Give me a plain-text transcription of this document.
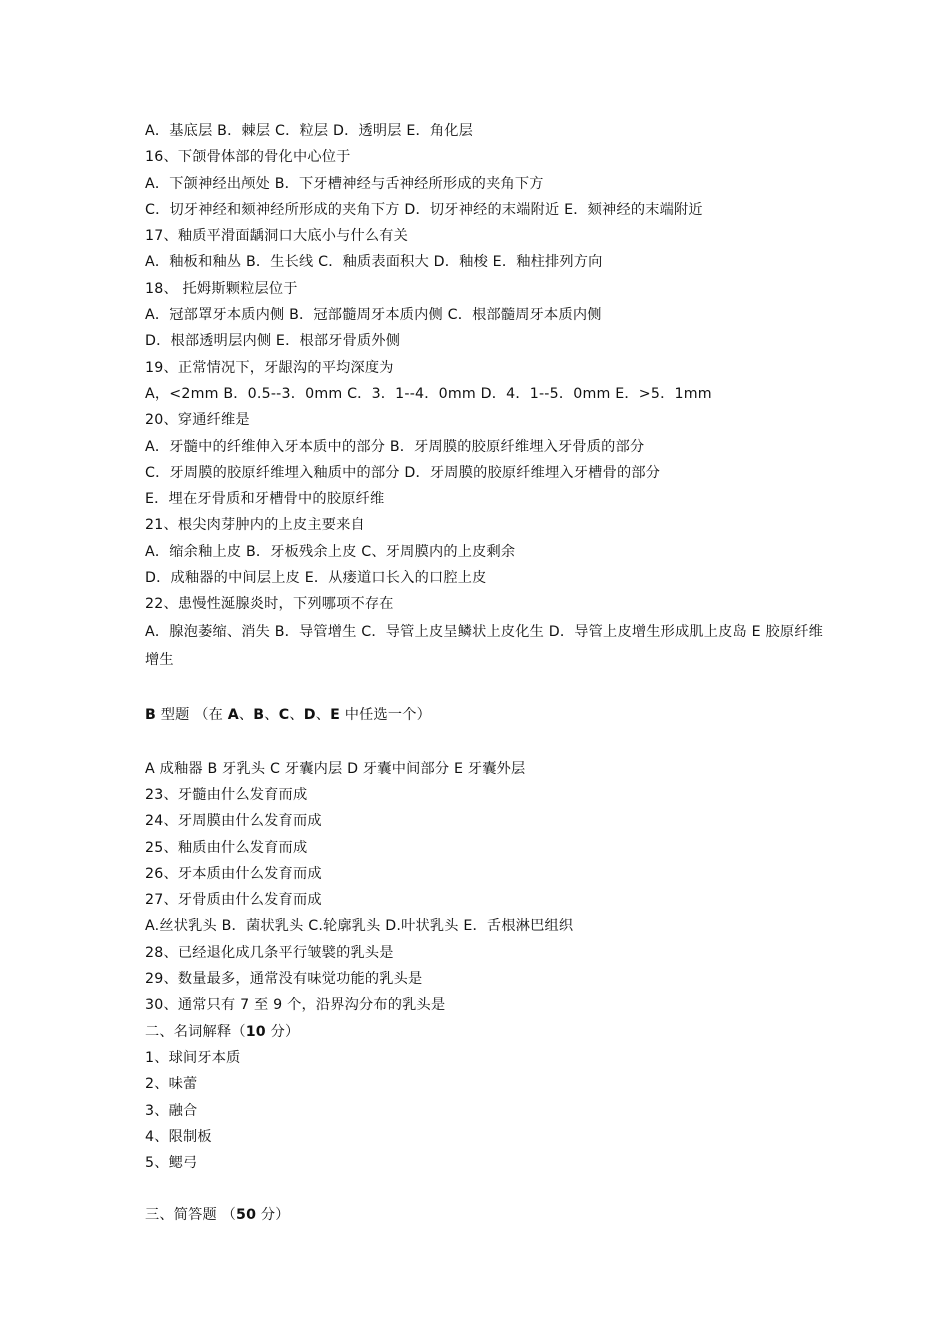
A．基底层 B．棘层 C．粒层 D．透明层 E．角化层
16、下颌骨体部的骨化中心位于
A．下颌神经出颅处 B．下牙槽神经与舌神经所形成的夹角下方
C．切牙神经和颏神经所形成的夹角下方 D．切牙神经的末端附近 E．颏神经的末端附近
17、釉质平滑面龋洞口大底小与什么有关
A．釉板和釉丛 B．生长线 C．釉质表面积大 D．釉梭 E．釉柱排列方向
18、 托姆斯颗粒层位于
A．冠部罩牙本质内侧 B．冠部髓周牙本质内侧 C．根部髓周牙本质内侧
D．根部透明层内侧 E．根部牙骨质外侧
19、正常情况下，牙龈沟的平均深度为
A，<2mm B．0.5--3．0mm C．3．1--4．0mm D．4．1--5．0mm E．>5．1mm
20、穿通纤维是
A．牙髓中的纤维伸入牙本质中的部分 B．牙周膜的胶原纤维埋入牙骨质的部分
C．牙周膜的胶原纤维埋入釉质中的部分 D．牙周膜的胶原纤维埋入牙槽骨的部分
E．埋在牙骨质和牙槽骨中的胶原纤维
21、根尖肉芽肿内的上皮主要来自
A．缩余釉上皮 B．牙板残余上皮 C、牙周膜内的上皮剩余
D．成釉器的中间层上皮 E．从瘘道口长入的口腔上皮
22、患慢性涎腺炎时，下列哪项不存在
A．腺泡萎缩、消失 B．导管增生 C．导管上皮呈鳞状上皮化生 D．导管上皮增生形成肌上皮岛 E 胶原纤维增生
B 型题 （在 A、B、C、D、E 中任选一个）
A 成釉器 B 牙乳头 C 牙囊内层 D 牙囊中间部分 E 牙囊外层
23、牙髓由什么发育而成
24、牙周膜由什么发育而成
25、釉质由什么发育而成
26、牙本质由什么发育而成
27、牙骨质由什么发育而成
A.丝状乳头 B．菌状乳头 C.轮廓乳头 D.叶状乳头 E．舌根淋巴组织
28、已经退化成几条平行皱襞的乳头是
29、数量最多，通常没有味觉功能的乳头是
30、通常只有 7 至 9 个，沿界沟分布的乳头是
二、名词解释（10 分）
1、球间牙本质
2、味蕾
3、融合
4、限制板
5、鳃弓
三、简答题 （50 分）
